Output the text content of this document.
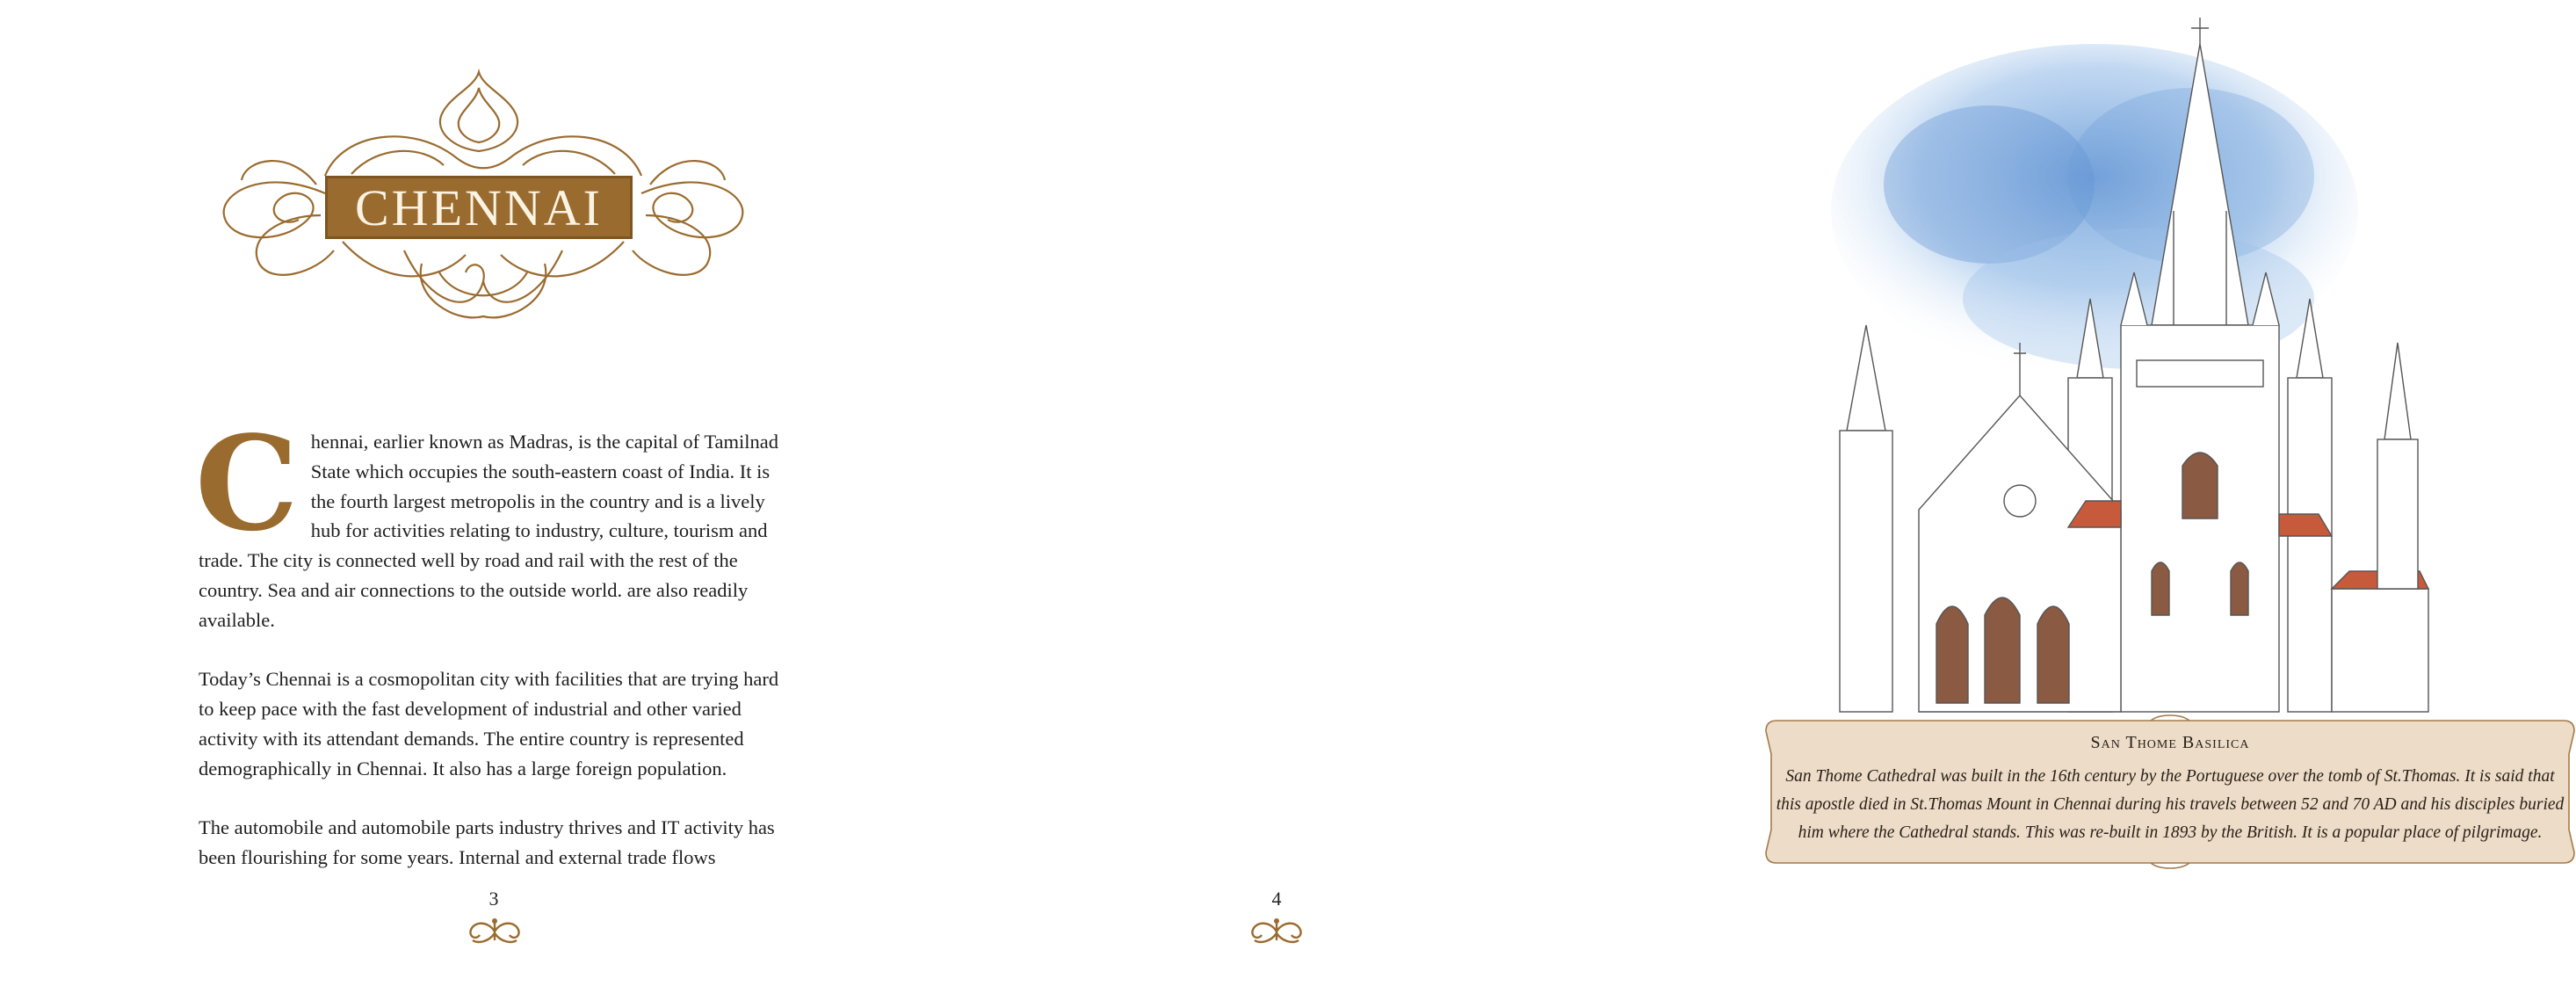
CHENNAI

Chennai, earlier known as Madras, is the capital of Tamilnad State which occupies the south-eastern coast of India. It is the fourth largest metropolis in the country and is a lively hub for activities relating to industry, culture, tourism and trade. The city is connected well by road and rail with the rest of the country. Sea and air connections to the outside world. are also readily available.

Today’s Chennai is a cosmopolitan city with facilities that are trying hard to keep pace with the fast development of industrial and other varied activity with its attendant demands. The entire country is represented demographically in Chennai. It also has a large foreign population.

The automobile and automobile parts industry thrives and IT activity has been flourishing for some years. Internal and external trade flows

3
San Thome Basilica
San Thome Cathedral was built in the 16th century by the Portuguese over the tomb of St.Thomas. It is said that
this apostle died in St.Thomas Mount in Chennai during his travels between 52 and 70 AD and his disciples buried
him where the Cathedral stands. This was re-built in 1893 by the British. It is a popular place of pilgrimage.
4
